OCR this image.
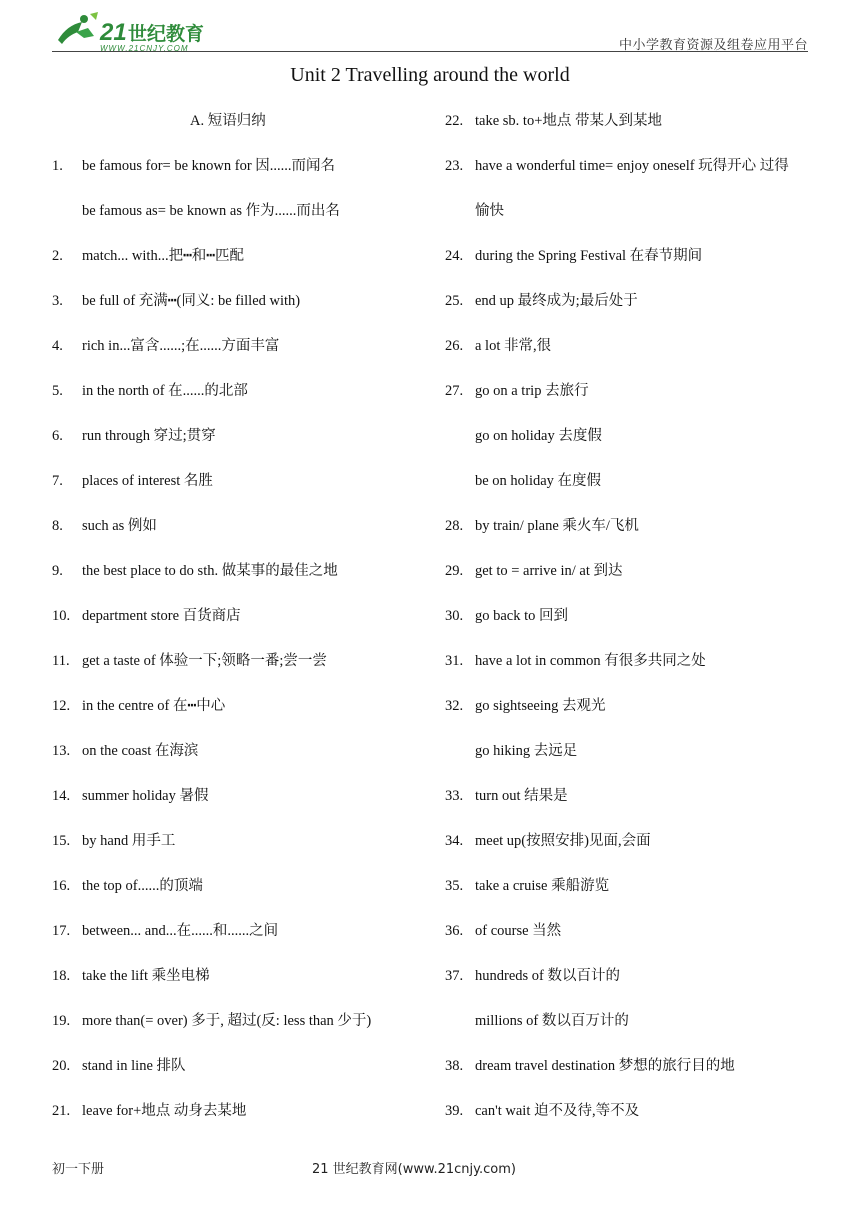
21 世纪教育
WWW.21CNJY.COM	中小学教育资源及组卷应用平台
Unit 2 Travelling around the world
A. 短语归纳
1. be famous for= be known for 因......而闻名
be famous as= be known as 作为......而出名
2. match... with...把┅和┅匹配
3. be full of 充满┅(同义: be filled with)
4. rich in...富含......;在......方面丰富
5. in the north of 在......的北部
6. run through 穿过;贯穿
7. places of interest 名胜
8. such as 例如
9. the best place to do sth. 做某事的最佳之地
10. department store 百货商店
11. get a taste of 体验一下;领略一番;尝一尝
12. in the centre of 在┅中心
13. on the coast 在海滨
14. summer holiday 暑假
15. by hand 用手工
16. the top of......的顶端
17. between... and...在......和......之间
18. take the lift 乘坐电梯
19. more than(= over) 多于, 超过(反: less than 少于)
20. stand in line 排队
21. leave for+地点 动身去某地
22. take sb. to+地点 带某人到某地
23. have a wonderful time= enjoy oneself 玩得开心 过得
愉快
24. during the Spring Festival 在春节期间
25. end up 最终成为;最后处于
26. a lot 非常,很
27. go on a trip 去旅行
go on holiday 去度假
be on holiday 在度假
28. by train/ plane 乘火车/飞机
29. get to = arrive in/ at 到达
30. go back to 回到
31. have a lot in common 有很多共同之处
32. go sightseeing 去观光
go hiking 去远足
33. turn out 结果是
34. meet up(按照安排)见面,会面
35. take a cruise 乘船游览
36. of course 当然
37. hundreds of 数以百计的
millions of 数以百万计的
38. dream travel destination 梦想的旅行目的地
39. can't wait 迫不及待,等不及
初一下册	21 世纪教育网(www.21cnjy.com)
